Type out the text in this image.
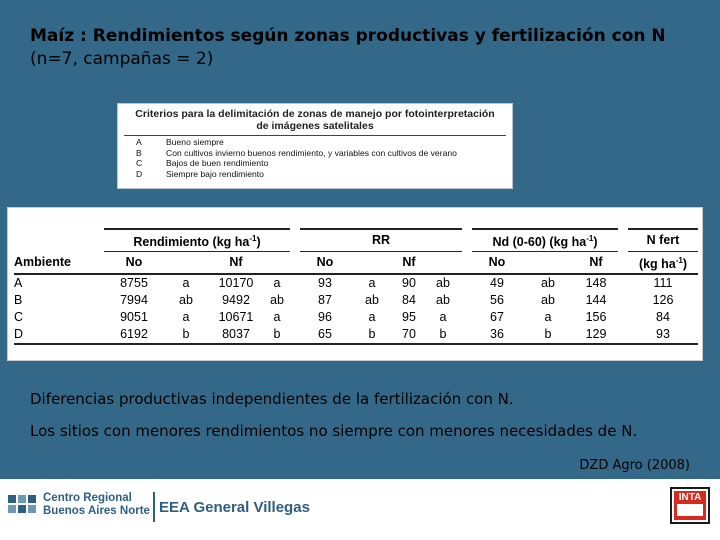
Maíz : Rendimientos según zonas productivas y fertilización con N
(n=7, campañas = 2)
Criterios para la delimitación de zonas de manejo por fotointerpretación
de imágenes satelitales
A	Bueno siempre
B	Con cultivos invierno buenos rendimiento, y variables con cultivos de verano
C	Bajos de buen rendimiento
D	Siempre bajo rendimiento
	Rendimiento (kg $ha^{-1}$)					RR					Nd (0-60) (kg $ha^{-1}$)				N fert
Ambiente	No		Nf			No		Nf			No		Nf		(kg $ha^{-1}$)
A	8755	a	10170	a		93	a	90	ab		49	ab	148		111
B	7994	ab	9492	ab		87	ab	84	ab		56	ab	144		126
C	9051	a	10671	a		96	a	95	a		67	a	156		84
D	6192	b	8037	b		65	b	70	b		36	b	129		93
Diferencias productivas independientes de la fertilización con N.
Los sitios con menores rendimientos no siempre con menores necesidades de N.
DZD Agro (2008)
Centro Regional
Buenos Aires Norte EEA General Villegas
INTA
